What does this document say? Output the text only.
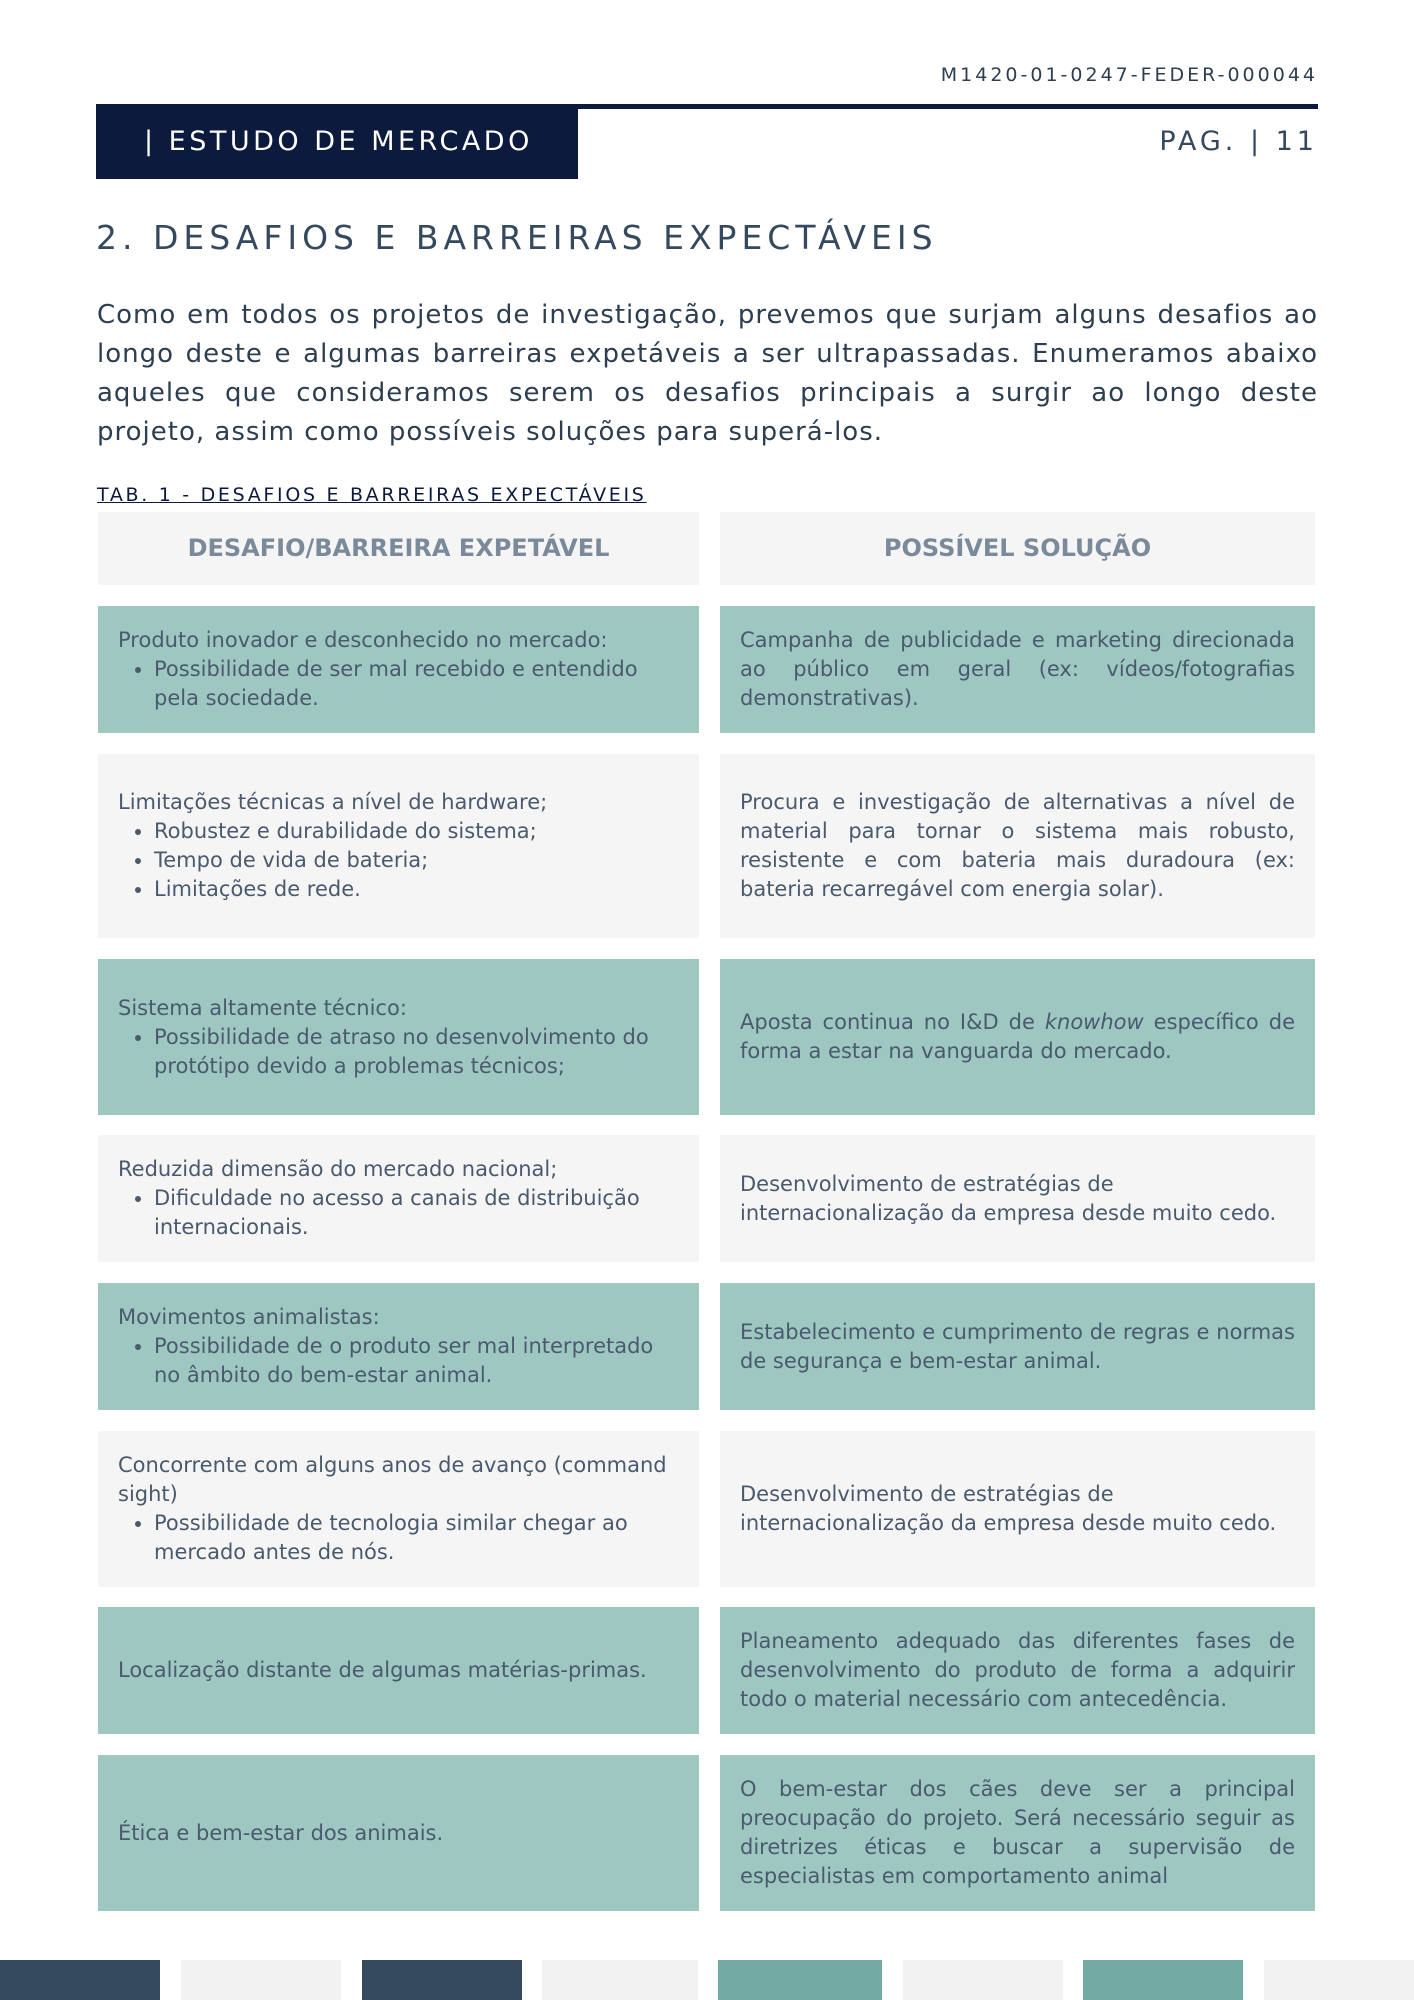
M1420-01-0247-FEDER-000044
| ESTUDO DE MERCADO	PAG. | 11
2. DESAFIOS E BARREIRAS EXPECTÁVEIS

Como em todos os projetos de investigação, prevemos que surjam alguns desafios ao longo deste e algumas barreiras expetáveis a ser ultrapassadas. Enumeramos abaixo aqueles que consideramos serem os desafios principais a surgir ao longo deste projeto, assim como possíveis soluções para superá-los.

TAB. 1 - DESAFIOS E BARREIRAS EXPECTÁVEIS
DESAFIO/BARREIRA EXPETÁVEL	POSSÍVEL SOLUÇÃO
Produto inovador e desconhecido no mercado:
• Possibilidade de ser mal recebido e entendido pela sociedade.
Campanha de publicidade e marketing direcionada ao público em geral (ex: vídeos/fotografias demonstrativas).
Limitações técnicas a nível de hardware;
• Robustez e durabilidade do sistema;
• Tempo de vida de bateria;
• Limitações de rede.
Procura e investigação de alternativas a nível de material para tornar o sistema mais robusto, resistente e com bateria mais duradoura (ex: bateria recarregável com energia solar).
Sistema altamente técnico:
• Possibilidade de atraso no desenvolvimento do protótipo devido a problemas técnicos;
Aposta continua no I&D de knowhow específico de forma a estar na vanguarda do mercado.
Reduzida dimensão do mercado nacional;
• Dificuldade no acesso a canais de distribuição internacionais.
Desenvolvimento de estratégias de internacionalização da empresa desde muito cedo.
Movimentos animalistas:
• Possibilidade de o produto ser mal interpretado no âmbito do bem-estar animal.
Estabelecimento e cumprimento de regras e normas de segurança e bem-estar animal.
Concorrente com alguns anos de avanço (command sight)
• Possibilidade de tecnologia similar chegar ao mercado antes de nós.
Desenvolvimento de estratégias de internacionalização da empresa desde muito cedo.
Localização distante de algumas matérias-primas.
Planeamento adequado das diferentes fases de desenvolvimento do produto de forma a adquirir todo o material necessário com antecedência.
Ética e bem-estar dos animais.
O bem-estar dos cães deve ser a principal preocupação do projeto. Será necessário seguir as diretrizes éticas e buscar a supervisão de especialistas em comportamento animal
